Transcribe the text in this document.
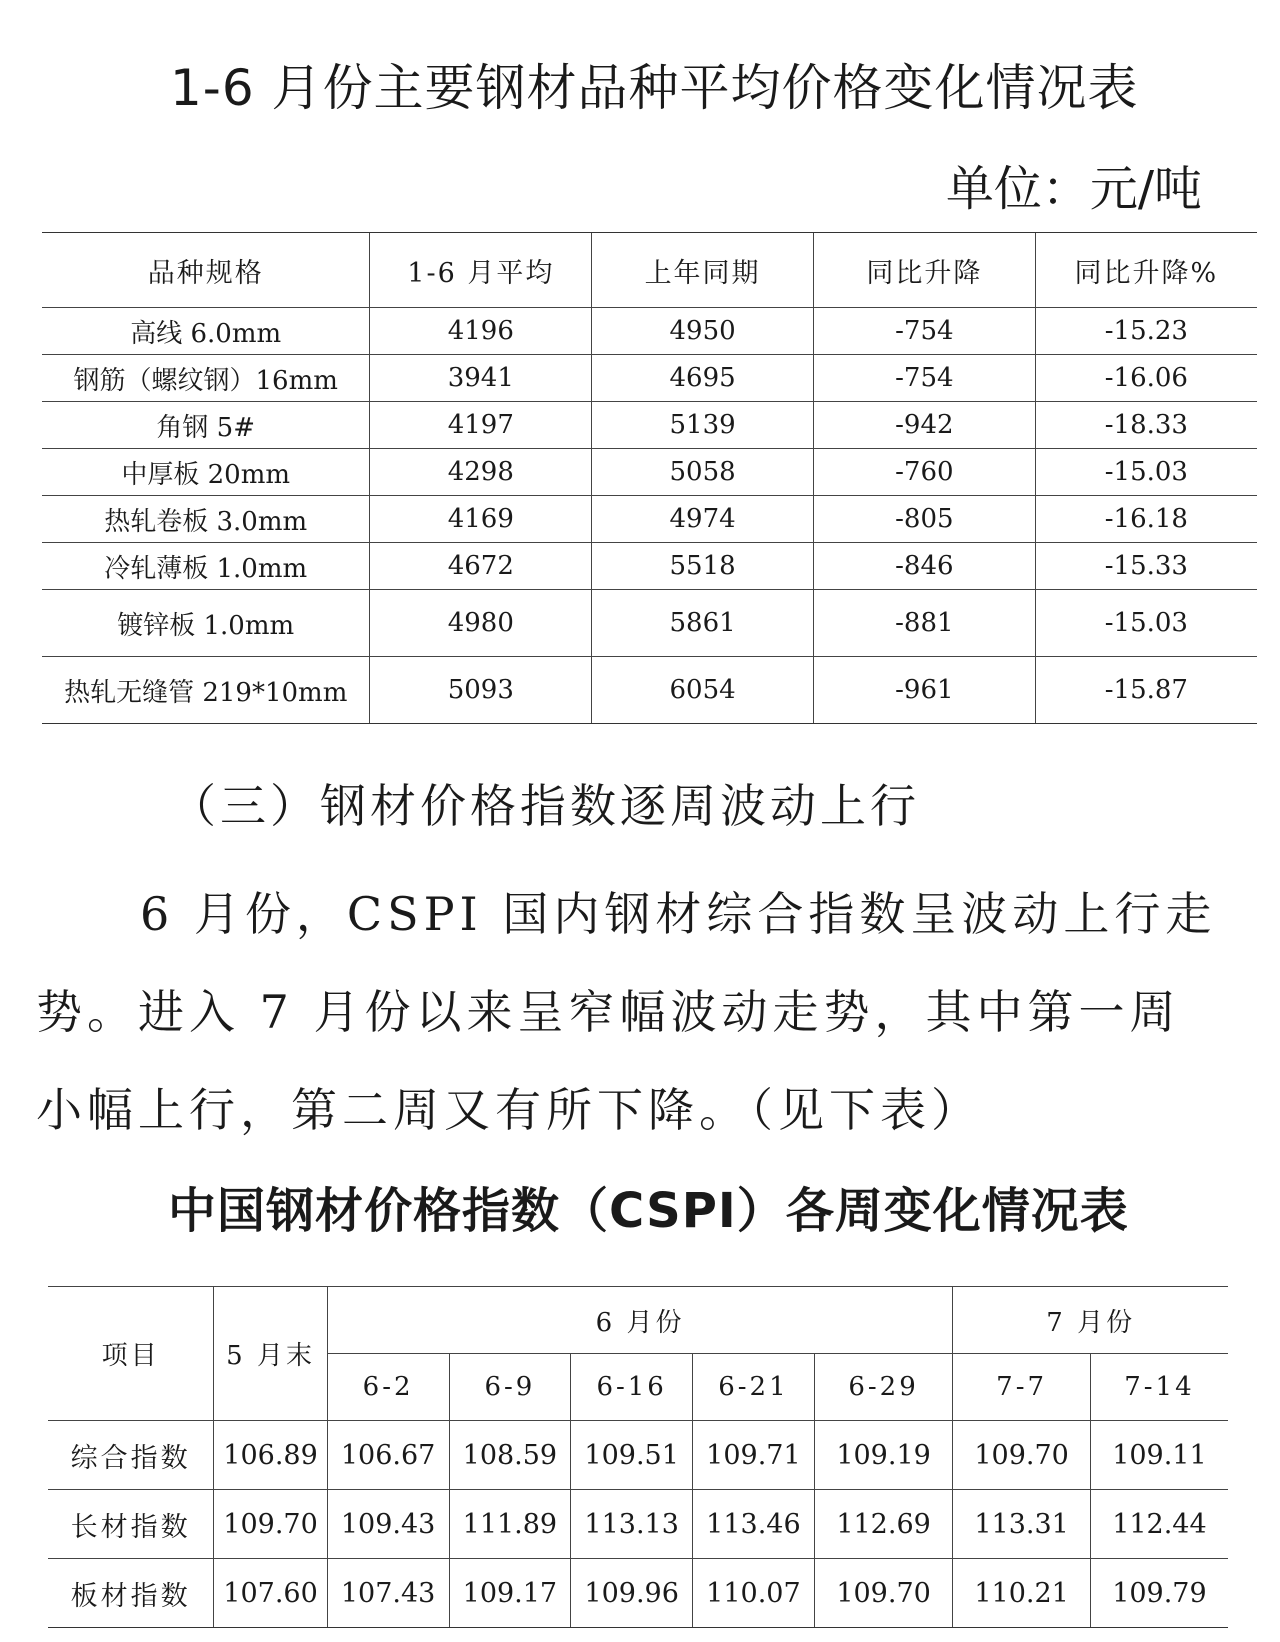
1-6 月份主要钢材品种平均价格变化情况表
单位：元/吨
品种规格	1-6 月平均	上年同期	同比升降	同比升降%
高线 6.0mm	4196	4950	-754	-15.23
钢筋（螺纹钢）16mm	3941	4695	-754	-16.06
角钢 5#	4197	5139	-942	-18.33
中厚板 20mm	4298	5058	-760	-15.03
热轧卷板 3.0mm	4169	4974	-805	-16.18
冷轧薄板 1.0mm	4672	5518	-846	-15.33
镀锌板 1.0mm	4980	5861	-881	-15.03
热轧无缝管 219*10mm	5093	6054	-961	-15.87
（三）钢材价格指数逐周波动上行

6 月份，CSPI 国内钢材综合指数呈波动上行走

势。进入 7 月份以来呈窄幅波动走势，其中第一周

小幅上行，第二周又有所下降。（见下表）

中国钢材价格指数（CSPI）各周变化情况表
项目	5 月末	6 月份					7 月份	
		6-2	6-9	6-16	6-21	6-29	7-7	7-14
综合指数	106.89	106.67	108.59	109.51	109.71	109.19	109.70	109.11
长材指数	109.70	109.43	111.89	113.13	113.46	112.69	113.31	112.44
板材指数	107.60	107.43	109.17	109.96	110.07	109.70	110.21	109.79
